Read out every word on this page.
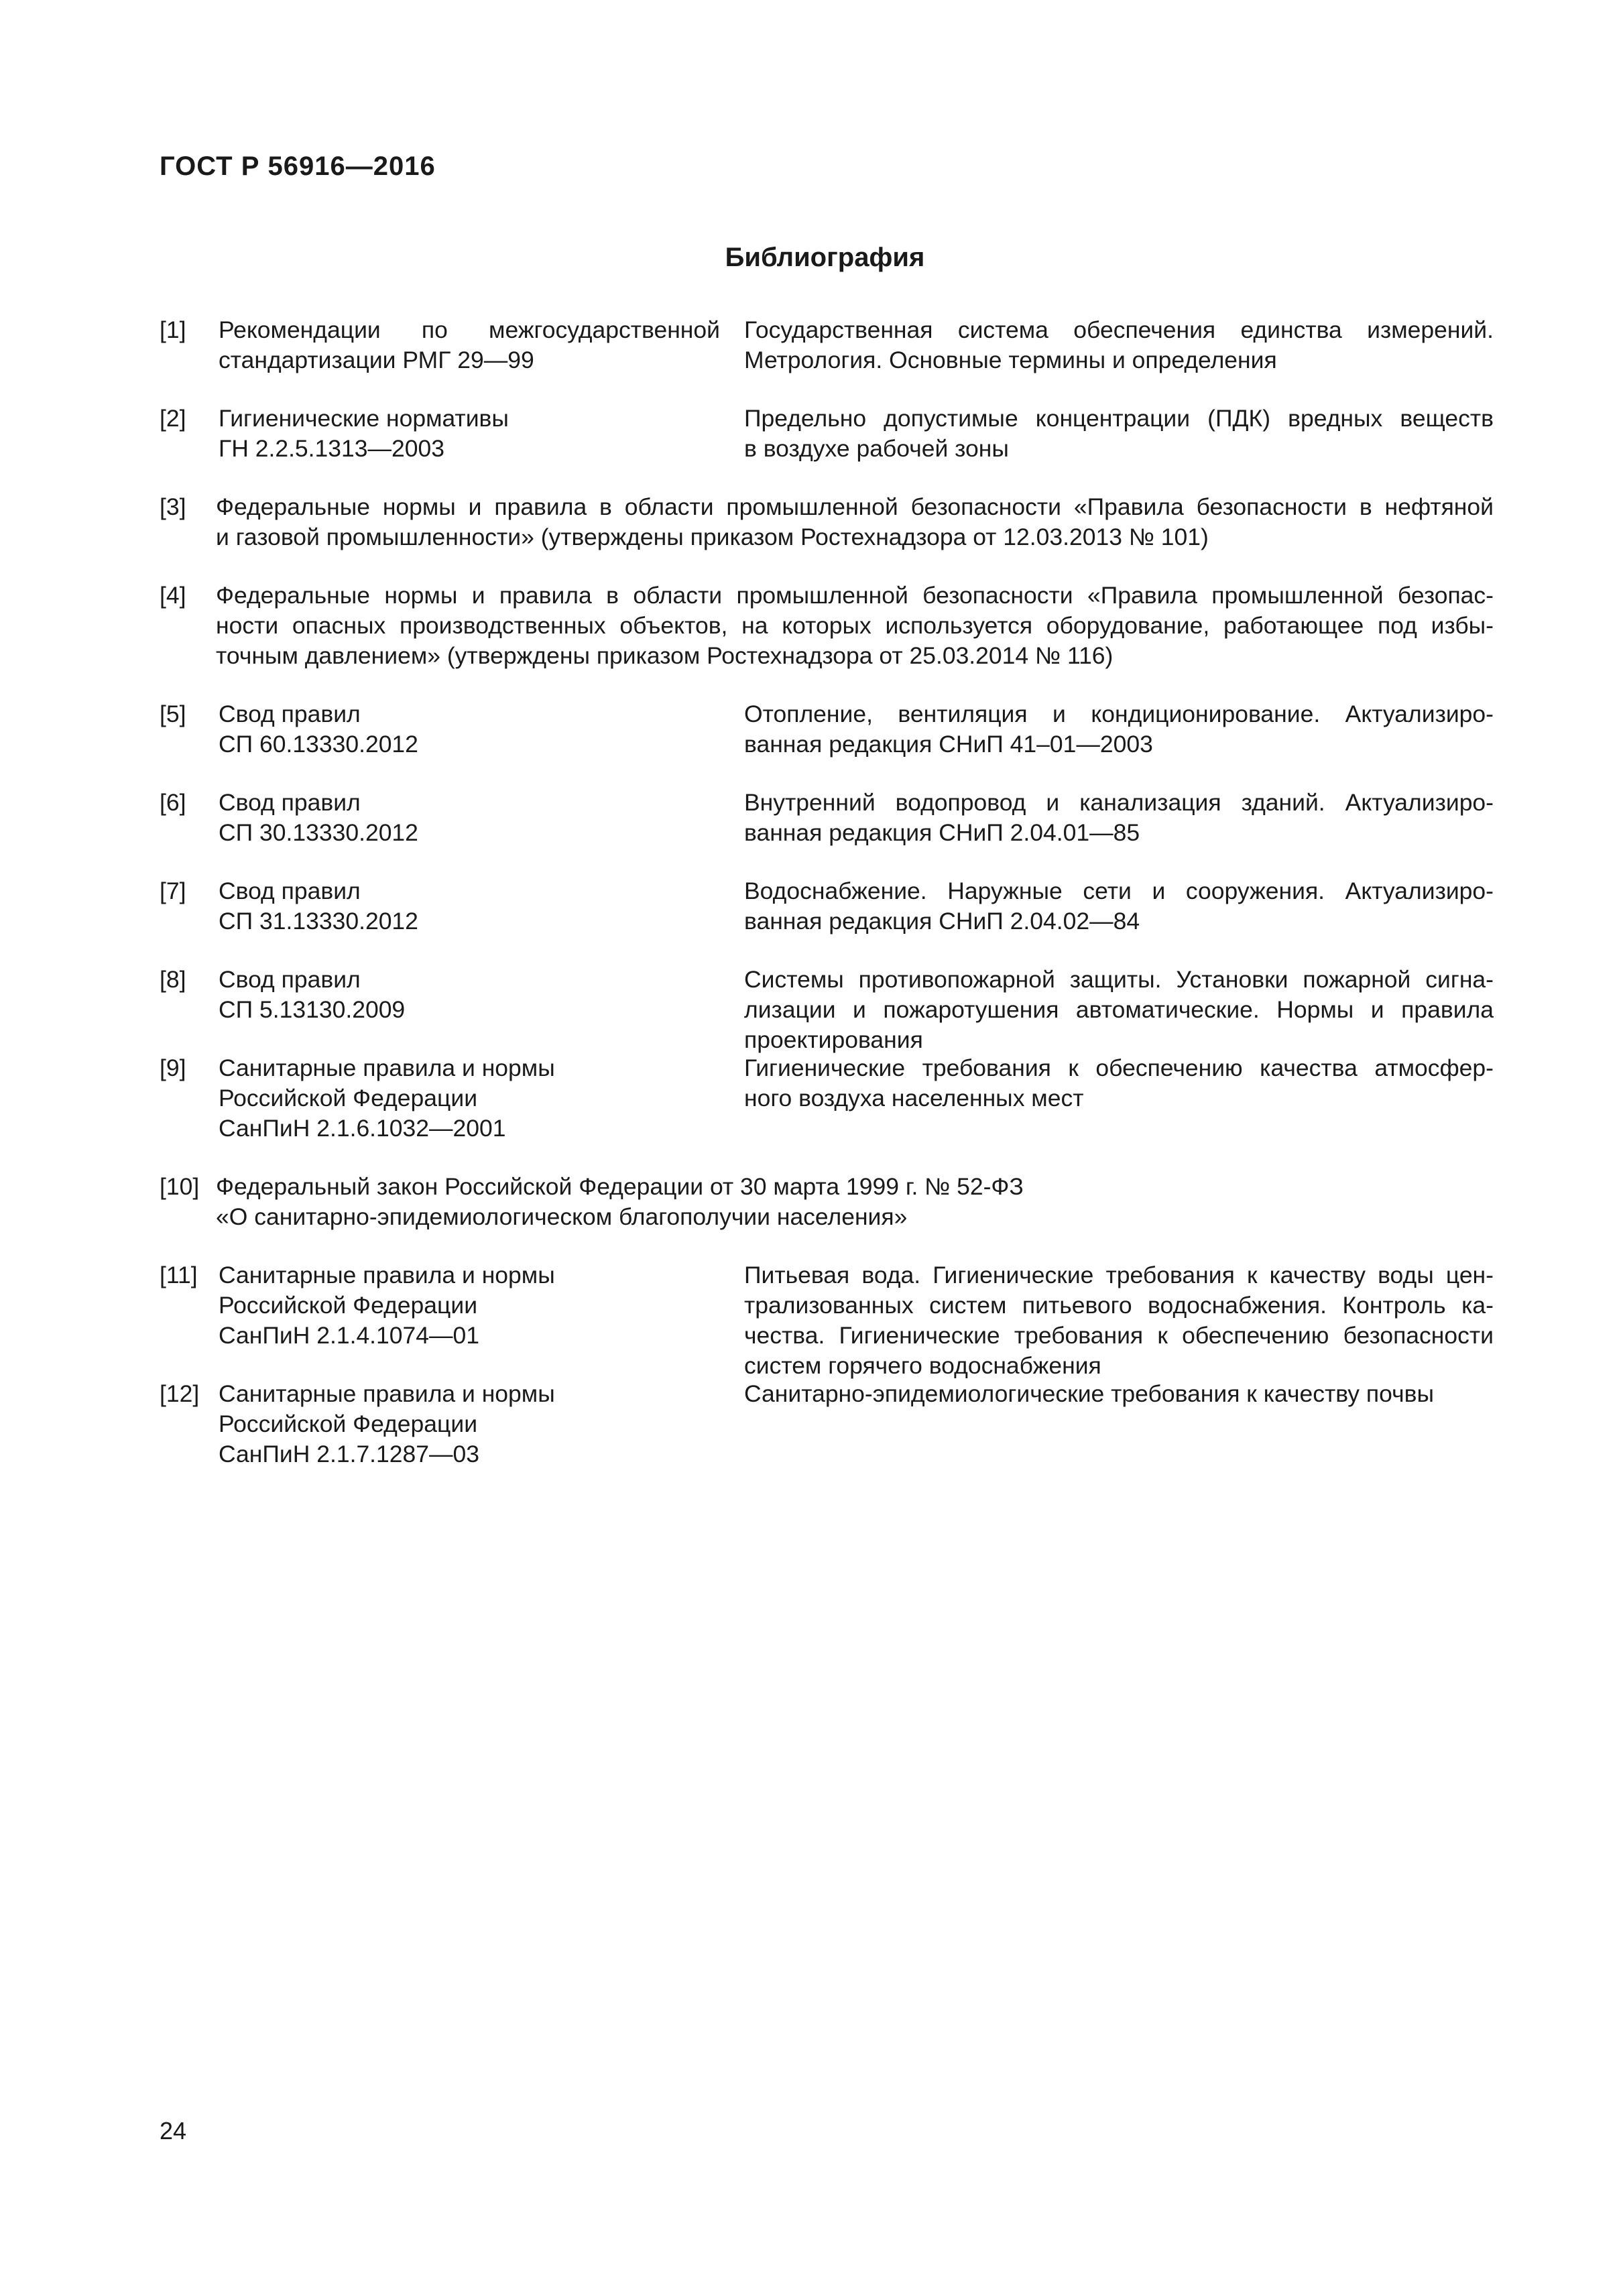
ГОСТ Р 56916—2016
Библиография
[1] Рекомендации по межгосударственной
стандартизации РМГ 29—99
Государственная система обеспечения единства измерений.
Метрология. Основные термины и определения
[2] Гигиенические нормативы
ГН 2.2.5.1313—2003
Предельно допустимые концентрации (ПДК) вредных веществ
в воздухе рабочей зоны
[3] Федеральные нормы и правила в области промышленной безопасности «Правила безопасности в нефтяной
и газовой промышленности» (утверждены приказом Ростехнадзора от 12.03.2013 № 101)
[4] Федеральные нормы и правила в области промышленной безопасности «Правила промышленной безопас-
ности опасных производственных объектов, на которых используется оборудование, работающее под избы-
точным давлением» (утверждены приказом Ростехнадзора от 25.03.2014 № 116)
[5] Свод правил
СП 60.13330.2012
Отопление, вентиляция и кондиционирование. Актуализиро-
ванная редакция СНиП 41–01—2003
[6] Свод правил
СП 30.13330.2012
Внутренний водопровод и канализация зданий. Актуализиро-
ванная редакция СНиП 2.04.01—85
[7] Свод правил
СП 31.13330.2012
Водоснабжение. Наружные сети и сооружения. Актуализиро-
ванная редакция СНиП 2.04.02—84
[8] Свод правил
СП 5.13130.2009
Системы противопожарной защиты. Установки пожарной сигна-
лизации и пожаротушения автоматические. Нормы и правила
проектирования
[9] Санитарные правила и нормы
Российской Федерации
СанПиН 2.1.6.1032—2001
Гигиенические требования к обеспечению качества атмосфер-
ного воздуха населенных мест
[10] Федеральный закон Российской Федерации от 30 марта 1999 г. № 52-ФЗ
«О санитарно-эпидемиологическом благополучии населения»
[11] Санитарные правила и нормы
Российской Федерации
СанПиН 2.1.4.1074—01
Питьевая вода. Гигиенические требования к качеству воды цен-
трализованных систем питьевого водоснабжения. Контроль ка-
чества. Гигиенические требования к обеспечению безопасности
систем горячего водоснабжения
[12] Санитарные правила и нормы
Российской Федерации
СанПиН 2.1.7.1287—03
Санитарно-эпидемиологические требования к качеству почвы
24
